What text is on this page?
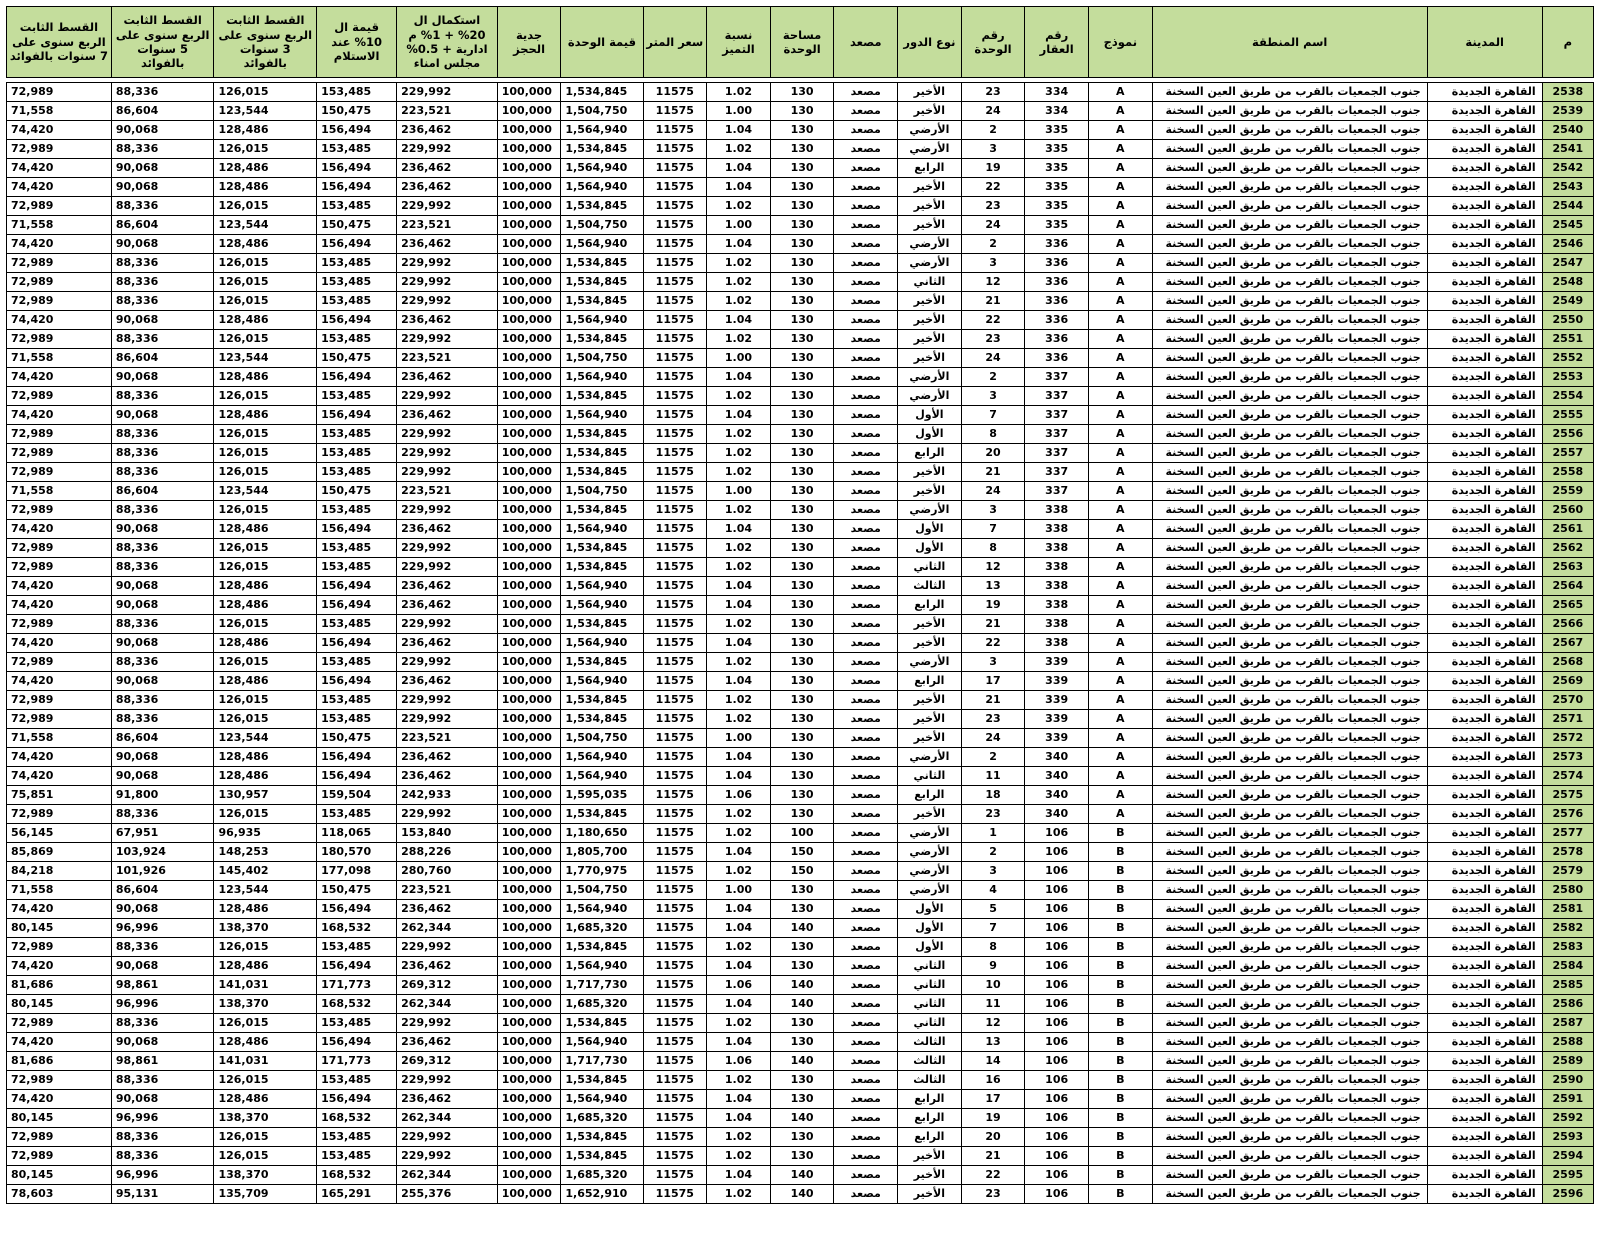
م	المدينة	اسم المنطقة	نموذج	رقم العقار	رقم الوحدة	نوع الدور	مصعد	مساحة الوحدة	نسبة التميز	سعر المتر	قيمة الوحدة	جدية الحجز	استكمال ال 20% + 1% م ادارية + 0.5% مجلس امناء	قيمة ال 10% عند الاستلام	القسط الثابت الربع سنوى على 3 سنوات بالفوائد	القسط الثابت الربع سنوى على 5 سنوات بالفوائد	القسط الثابت الربع سنوى على 7 سنوات بالفوائد

2538	القاهرة الجديدة	جنوب الجمعيات بالقرب من طريق العين السخنة	A	334	23	الأخير	مصعد	130	1.02	11575	1,534,845	100,000	229,992	153,485	126,015	88,336	72,989
2539	القاهرة الجديدة	جنوب الجمعيات بالقرب من طريق العين السخنة	A	334	24	الأخير	مصعد	130	1.00	11575	1,504,750	100,000	223,521	150,475	123,544	86,604	71,558
2540	القاهرة الجديدة	جنوب الجمعيات بالقرب من طريق العين السخنة	A	335	2	الأرضي	مصعد	130	1.04	11575	1,564,940	100,000	236,462	156,494	128,486	90,068	74,420
2541	القاهرة الجديدة	جنوب الجمعيات بالقرب من طريق العين السخنة	A	335	3	الأرضي	مصعد	130	1.02	11575	1,534,845	100,000	229,992	153,485	126,015	88,336	72,989
2542	القاهرة الجديدة	جنوب الجمعيات بالقرب من طريق العين السخنة	A	335	19	الرابع	مصعد	130	1.04	11575	1,564,940	100,000	236,462	156,494	128,486	90,068	74,420
2543	القاهرة الجديدة	جنوب الجمعيات بالقرب من طريق العين السخنة	A	335	22	الأخير	مصعد	130	1.04	11575	1,564,940	100,000	236,462	156,494	128,486	90,068	74,420
2544	القاهرة الجديدة	جنوب الجمعيات بالقرب من طريق العين السخنة	A	335	23	الأخير	مصعد	130	1.02	11575	1,534,845	100,000	229,992	153,485	126,015	88,336	72,989
2545	القاهرة الجديدة	جنوب الجمعيات بالقرب من طريق العين السخنة	A	335	24	الأخير	مصعد	130	1.00	11575	1,504,750	100,000	223,521	150,475	123,544	86,604	71,558
2546	القاهرة الجديدة	جنوب الجمعيات بالقرب من طريق العين السخنة	A	336	2	الأرضي	مصعد	130	1.04	11575	1,564,940	100,000	236,462	156,494	128,486	90,068	74,420
2547	القاهرة الجديدة	جنوب الجمعيات بالقرب من طريق العين السخنة	A	336	3	الأرضي	مصعد	130	1.02	11575	1,534,845	100,000	229,992	153,485	126,015	88,336	72,989
2548	القاهرة الجديدة	جنوب الجمعيات بالقرب من طريق العين السخنة	A	336	12	الثاني	مصعد	130	1.02	11575	1,534,845	100,000	229,992	153,485	126,015	88,336	72,989
2549	القاهرة الجديدة	جنوب الجمعيات بالقرب من طريق العين السخنة	A	336	21	الأخير	مصعد	130	1.02	11575	1,534,845	100,000	229,992	153,485	126,015	88,336	72,989
2550	القاهرة الجديدة	جنوب الجمعيات بالقرب من طريق العين السخنة	A	336	22	الأخير	مصعد	130	1.04	11575	1,564,940	100,000	236,462	156,494	128,486	90,068	74,420
2551	القاهرة الجديدة	جنوب الجمعيات بالقرب من طريق العين السخنة	A	336	23	الأخير	مصعد	130	1.02	11575	1,534,845	100,000	229,992	153,485	126,015	88,336	72,989
2552	القاهرة الجديدة	جنوب الجمعيات بالقرب من طريق العين السخنة	A	336	24	الأخير	مصعد	130	1.00	11575	1,504,750	100,000	223,521	150,475	123,544	86,604	71,558
2553	القاهرة الجديدة	جنوب الجمعيات بالقرب من طريق العين السخنة	A	337	2	الأرضي	مصعد	130	1.04	11575	1,564,940	100,000	236,462	156,494	128,486	90,068	74,420
2554	القاهرة الجديدة	جنوب الجمعيات بالقرب من طريق العين السخنة	A	337	3	الأرضي	مصعد	130	1.02	11575	1,534,845	100,000	229,992	153,485	126,015	88,336	72,989
2555	القاهرة الجديدة	جنوب الجمعيات بالقرب من طريق العين السخنة	A	337	7	الأول	مصعد	130	1.04	11575	1,564,940	100,000	236,462	156,494	128,486	90,068	74,420
2556	القاهرة الجديدة	جنوب الجمعيات بالقرب من طريق العين السخنة	A	337	8	الأول	مصعد	130	1.02	11575	1,534,845	100,000	229,992	153,485	126,015	88,336	72,989
2557	القاهرة الجديدة	جنوب الجمعيات بالقرب من طريق العين السخنة	A	337	20	الرابع	مصعد	130	1.02	11575	1,534,845	100,000	229,992	153,485	126,015	88,336	72,989
2558	القاهرة الجديدة	جنوب الجمعيات بالقرب من طريق العين السخنة	A	337	21	الأخير	مصعد	130	1.02	11575	1,534,845	100,000	229,992	153,485	126,015	88,336	72,989
2559	القاهرة الجديدة	جنوب الجمعيات بالقرب من طريق العين السخنة	A	337	24	الأخير	مصعد	130	1.00	11575	1,504,750	100,000	223,521	150,475	123,544	86,604	71,558
2560	القاهرة الجديدة	جنوب الجمعيات بالقرب من طريق العين السخنة	A	338	3	الأرضي	مصعد	130	1.02	11575	1,534,845	100,000	229,992	153,485	126,015	88,336	72,989
2561	القاهرة الجديدة	جنوب الجمعيات بالقرب من طريق العين السخنة	A	338	7	الأول	مصعد	130	1.04	11575	1,564,940	100,000	236,462	156,494	128,486	90,068	74,420
2562	القاهرة الجديدة	جنوب الجمعيات بالقرب من طريق العين السخنة	A	338	8	الأول	مصعد	130	1.02	11575	1,534,845	100,000	229,992	153,485	126,015	88,336	72,989
2563	القاهرة الجديدة	جنوب الجمعيات بالقرب من طريق العين السخنة	A	338	12	الثاني	مصعد	130	1.02	11575	1,534,845	100,000	229,992	153,485	126,015	88,336	72,989
2564	القاهرة الجديدة	جنوب الجمعيات بالقرب من طريق العين السخنة	A	338	13	الثالث	مصعد	130	1.04	11575	1,564,940	100,000	236,462	156,494	128,486	90,068	74,420
2565	القاهرة الجديدة	جنوب الجمعيات بالقرب من طريق العين السخنة	A	338	19	الرابع	مصعد	130	1.04	11575	1,564,940	100,000	236,462	156,494	128,486	90,068	74,420
2566	القاهرة الجديدة	جنوب الجمعيات بالقرب من طريق العين السخنة	A	338	21	الأخير	مصعد	130	1.02	11575	1,534,845	100,000	229,992	153,485	126,015	88,336	72,989
2567	القاهرة الجديدة	جنوب الجمعيات بالقرب من طريق العين السخنة	A	338	22	الأخير	مصعد	130	1.04	11575	1,564,940	100,000	236,462	156,494	128,486	90,068	74,420
2568	القاهرة الجديدة	جنوب الجمعيات بالقرب من طريق العين السخنة	A	339	3	الأرضي	مصعد	130	1.02	11575	1,534,845	100,000	229,992	153,485	126,015	88,336	72,989
2569	القاهرة الجديدة	جنوب الجمعيات بالقرب من طريق العين السخنة	A	339	17	الرابع	مصعد	130	1.04	11575	1,564,940	100,000	236,462	156,494	128,486	90,068	74,420
2570	القاهرة الجديدة	جنوب الجمعيات بالقرب من طريق العين السخنة	A	339	21	الأخير	مصعد	130	1.02	11575	1,534,845	100,000	229,992	153,485	126,015	88,336	72,989
2571	القاهرة الجديدة	جنوب الجمعيات بالقرب من طريق العين السخنة	A	339	23	الأخير	مصعد	130	1.02	11575	1,534,845	100,000	229,992	153,485	126,015	88,336	72,989
2572	القاهرة الجديدة	جنوب الجمعيات بالقرب من طريق العين السخنة	A	339	24	الأخير	مصعد	130	1.00	11575	1,504,750	100,000	223,521	150,475	123,544	86,604	71,558
2573	القاهرة الجديدة	جنوب الجمعيات بالقرب من طريق العين السخنة	A	340	2	الأرضي	مصعد	130	1.04	11575	1,564,940	100,000	236,462	156,494	128,486	90,068	74,420
2574	القاهرة الجديدة	جنوب الجمعيات بالقرب من طريق العين السخنة	A	340	11	الثاني	مصعد	130	1.04	11575	1,564,940	100,000	236,462	156,494	128,486	90,068	74,420
2575	القاهرة الجديدة	جنوب الجمعيات بالقرب من طريق العين السخنة	A	340	18	الرابع	مصعد	130	1.06	11575	1,595,035	100,000	242,933	159,504	130,957	91,800	75,851
2576	القاهرة الجديدة	جنوب الجمعيات بالقرب من طريق العين السخنة	A	340	23	الأخير	مصعد	130	1.02	11575	1,534,845	100,000	229,992	153,485	126,015	88,336	72,989
2577	القاهرة الجديدة	جنوب الجمعيات بالقرب من طريق العين السخنة	B	106	1	الأرضي	مصعد	100	1.02	11575	1,180,650	100,000	153,840	118,065	96,935	67,951	56,145
2578	القاهرة الجديدة	جنوب الجمعيات بالقرب من طريق العين السخنة	B	106	2	الأرضي	مصعد	150	1.04	11575	1,805,700	100,000	288,226	180,570	148,253	103,924	85,869
2579	القاهرة الجديدة	جنوب الجمعيات بالقرب من طريق العين السخنة	B	106	3	الأرضي	مصعد	150	1.02	11575	1,770,975	100,000	280,760	177,098	145,402	101,926	84,218
2580	القاهرة الجديدة	جنوب الجمعيات بالقرب من طريق العين السخنة	B	106	4	الأرضي	مصعد	130	1.00	11575	1,504,750	100,000	223,521	150,475	123,544	86,604	71,558
2581	القاهرة الجديدة	جنوب الجمعيات بالقرب من طريق العين السخنة	B	106	5	الأول	مصعد	130	1.04	11575	1,564,940	100,000	236,462	156,494	128,486	90,068	74,420
2582	القاهرة الجديدة	جنوب الجمعيات بالقرب من طريق العين السخنة	B	106	7	الأول	مصعد	140	1.04	11575	1,685,320	100,000	262,344	168,532	138,370	96,996	80,145
2583	القاهرة الجديدة	جنوب الجمعيات بالقرب من طريق العين السخنة	B	106	8	الأول	مصعد	130	1.02	11575	1,534,845	100,000	229,992	153,485	126,015	88,336	72,989
2584	القاهرة الجديدة	جنوب الجمعيات بالقرب من طريق العين السخنة	B	106	9	الثاني	مصعد	130	1.04	11575	1,564,940	100,000	236,462	156,494	128,486	90,068	74,420
2585	القاهرة الجديدة	جنوب الجمعيات بالقرب من طريق العين السخنة	B	106	10	الثاني	مصعد	140	1.06	11575	1,717,730	100,000	269,312	171,773	141,031	98,861	81,686
2586	القاهرة الجديدة	جنوب الجمعيات بالقرب من طريق العين السخنة	B	106	11	الثاني	مصعد	140	1.04	11575	1,685,320	100,000	262,344	168,532	138,370	96,996	80,145
2587	القاهرة الجديدة	جنوب الجمعيات بالقرب من طريق العين السخنة	B	106	12	الثاني	مصعد	130	1.02	11575	1,534,845	100,000	229,992	153,485	126,015	88,336	72,989
2588	القاهرة الجديدة	جنوب الجمعيات بالقرب من طريق العين السخنة	B	106	13	الثالث	مصعد	130	1.04	11575	1,564,940	100,000	236,462	156,494	128,486	90,068	74,420
2589	القاهرة الجديدة	جنوب الجمعيات بالقرب من طريق العين السخنة	B	106	14	الثالث	مصعد	140	1.06	11575	1,717,730	100,000	269,312	171,773	141,031	98,861	81,686
2590	القاهرة الجديدة	جنوب الجمعيات بالقرب من طريق العين السخنة	B	106	16	الثالث	مصعد	130	1.02	11575	1,534,845	100,000	229,992	153,485	126,015	88,336	72,989
2591	القاهرة الجديدة	جنوب الجمعيات بالقرب من طريق العين السخنة	B	106	17	الرابع	مصعد	130	1.04	11575	1,564,940	100,000	236,462	156,494	128,486	90,068	74,420
2592	القاهرة الجديدة	جنوب الجمعيات بالقرب من طريق العين السخنة	B	106	19	الرابع	مصعد	140	1.04	11575	1,685,320	100,000	262,344	168,532	138,370	96,996	80,145
2593	القاهرة الجديدة	جنوب الجمعيات بالقرب من طريق العين السخنة	B	106	20	الرابع	مصعد	130	1.02	11575	1,534,845	100,000	229,992	153,485	126,015	88,336	72,989
2594	القاهرة الجديدة	جنوب الجمعيات بالقرب من طريق العين السخنة	B	106	21	الأخير	مصعد	130	1.02	11575	1,534,845	100,000	229,992	153,485	126,015	88,336	72,989
2595	القاهرة الجديدة	جنوب الجمعيات بالقرب من طريق العين السخنة	B	106	22	الأخير	مصعد	140	1.04	11575	1,685,320	100,000	262,344	168,532	138,370	96,996	80,145
2596	القاهرة الجديدة	جنوب الجمعيات بالقرب من طريق العين السخنة	B	106	23	الأخير	مصعد	140	1.02	11575	1,652,910	100,000	255,376	165,291	135,709	95,131	78,603
